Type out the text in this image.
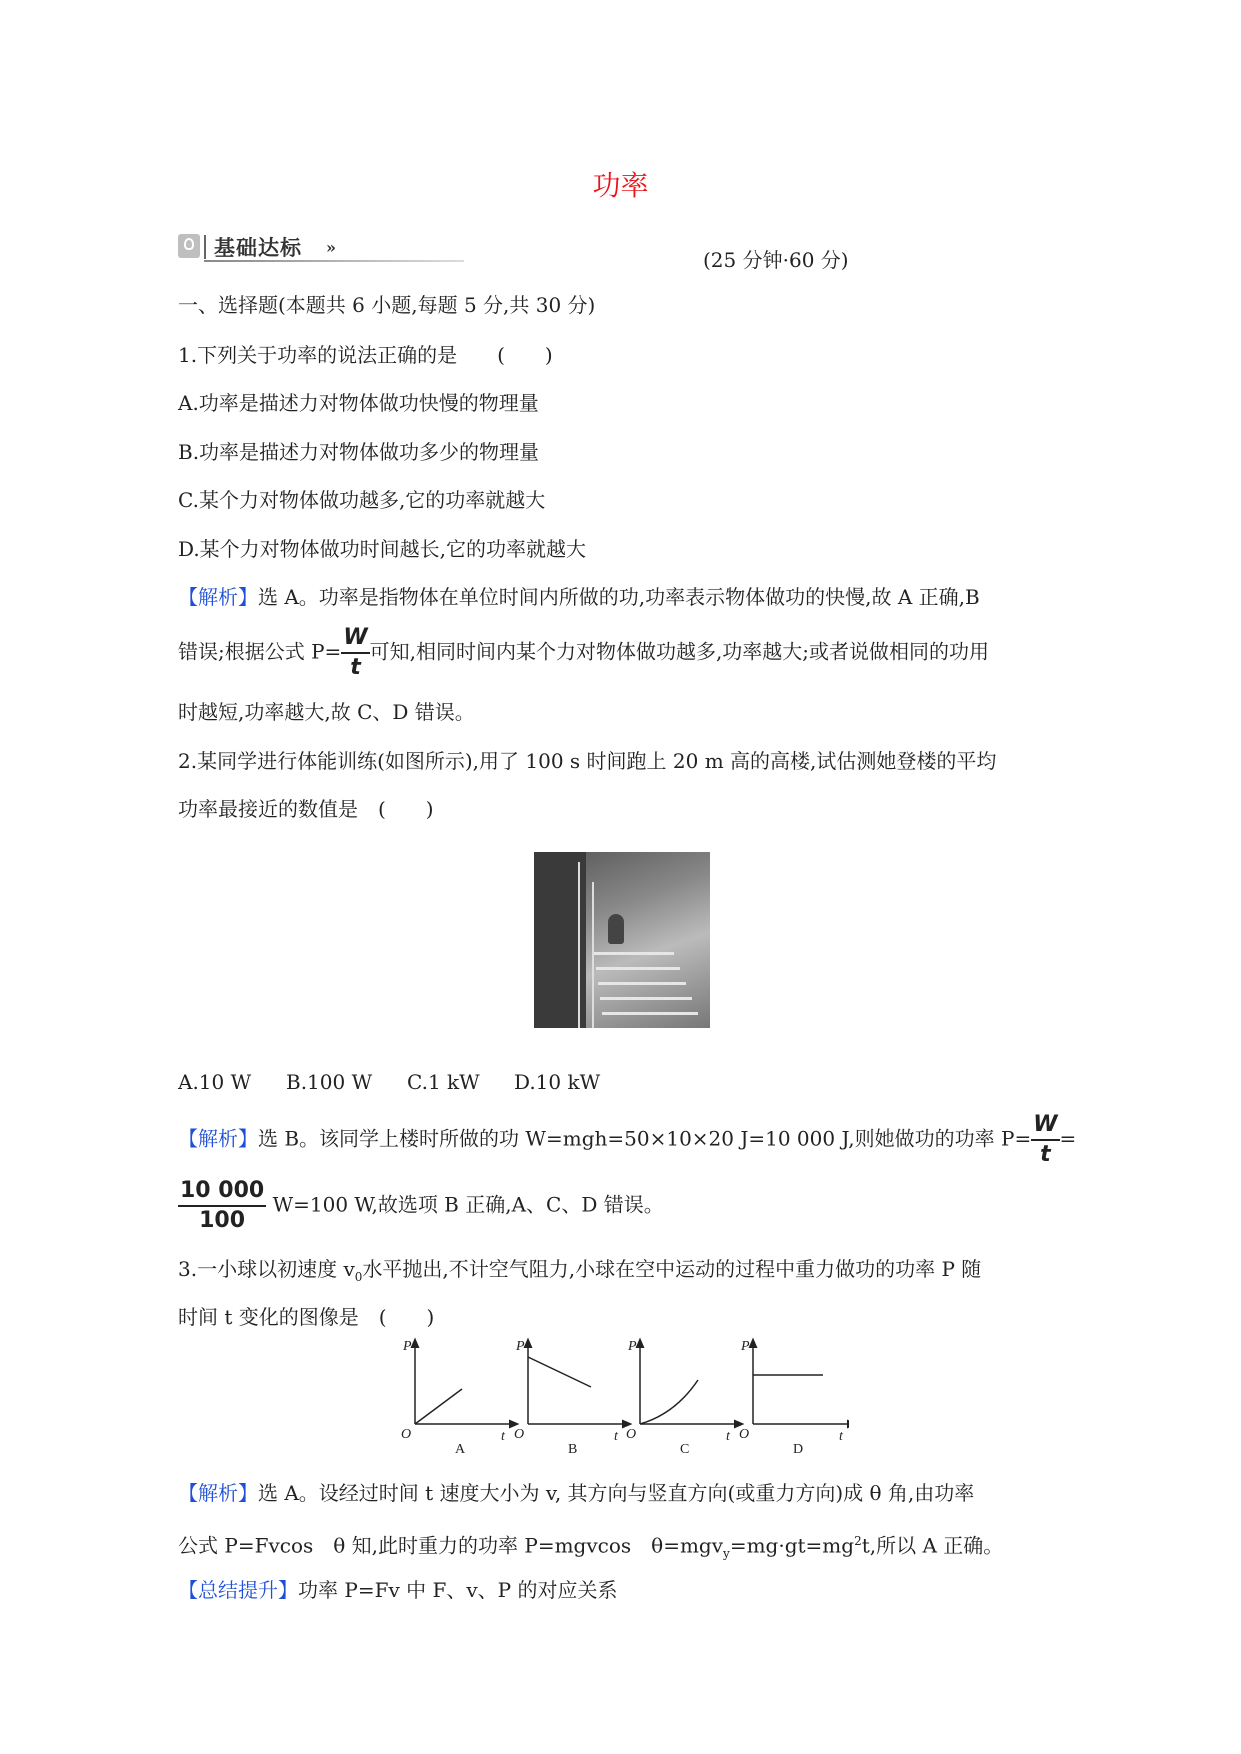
功率
基础达标 »
(25 分钟·60 分)
一、选择题(本题共 6 小题,每题 5 分,共 30 分)
1.下列关于功率的说法正确的是　　(　　)
A.功率是描述力对物体做功快慢的物理量
B.功率是描述力对物体做功多少的物理量
C.某个力对物体做功越多,它的功率就越大
D.某个力对物体做功时间越长,它的功率就越大
【解析】选 A。功率是指物体在单位时间内所做的功,功率表示物体做功的快慢,故 A 正确,B
错误;根据公式 $P= \frac{W}{t}$ 可知,相同时间内某个力对物体做功越多,功率越大;或者说做相同的功用
时越短,功率越大,故 C、D 错误。
2.某同学进行体能训练(如图所示),用了 100 s 时间跑上 20 m 高的高楼,试估测她登楼的平均
功率最接近的数值是　(　　)
A.10 W B.100 W C.1 kW D.10 kW
【解析】选 B。该同学上楼时所做的功 W=mgh=50×10×20 J=10 000 J,则她做功的功率 $P= \frac{W}{t}$ =
$\frac{10 000}{100} W=100$ W,故选项 B 正确,A、C、D 错误。
3.一小球以初速度 $v_0$水平抛出,不计空气阻力,小球在空中运动的过程中重力做功的功率 P 随
时间 t 变化的图像是　(　　)
P
t
O
A
P
t
O
B
P
t
O
C
P
t
O
D
【解析】选 A。设经过时间 t 速度大小为 v, 其方向与竖直方向(或重力方向)成 θ 角,由功率
公式 P=Fvcos　θ 知,此时重力的功率 P=mgvcos　$\theta=mgv_y=mg\cdot gt=mg^2t$,所以 A 正确。
【总结提升】功率 P=Fv 中 F、v、P 的对应关系
